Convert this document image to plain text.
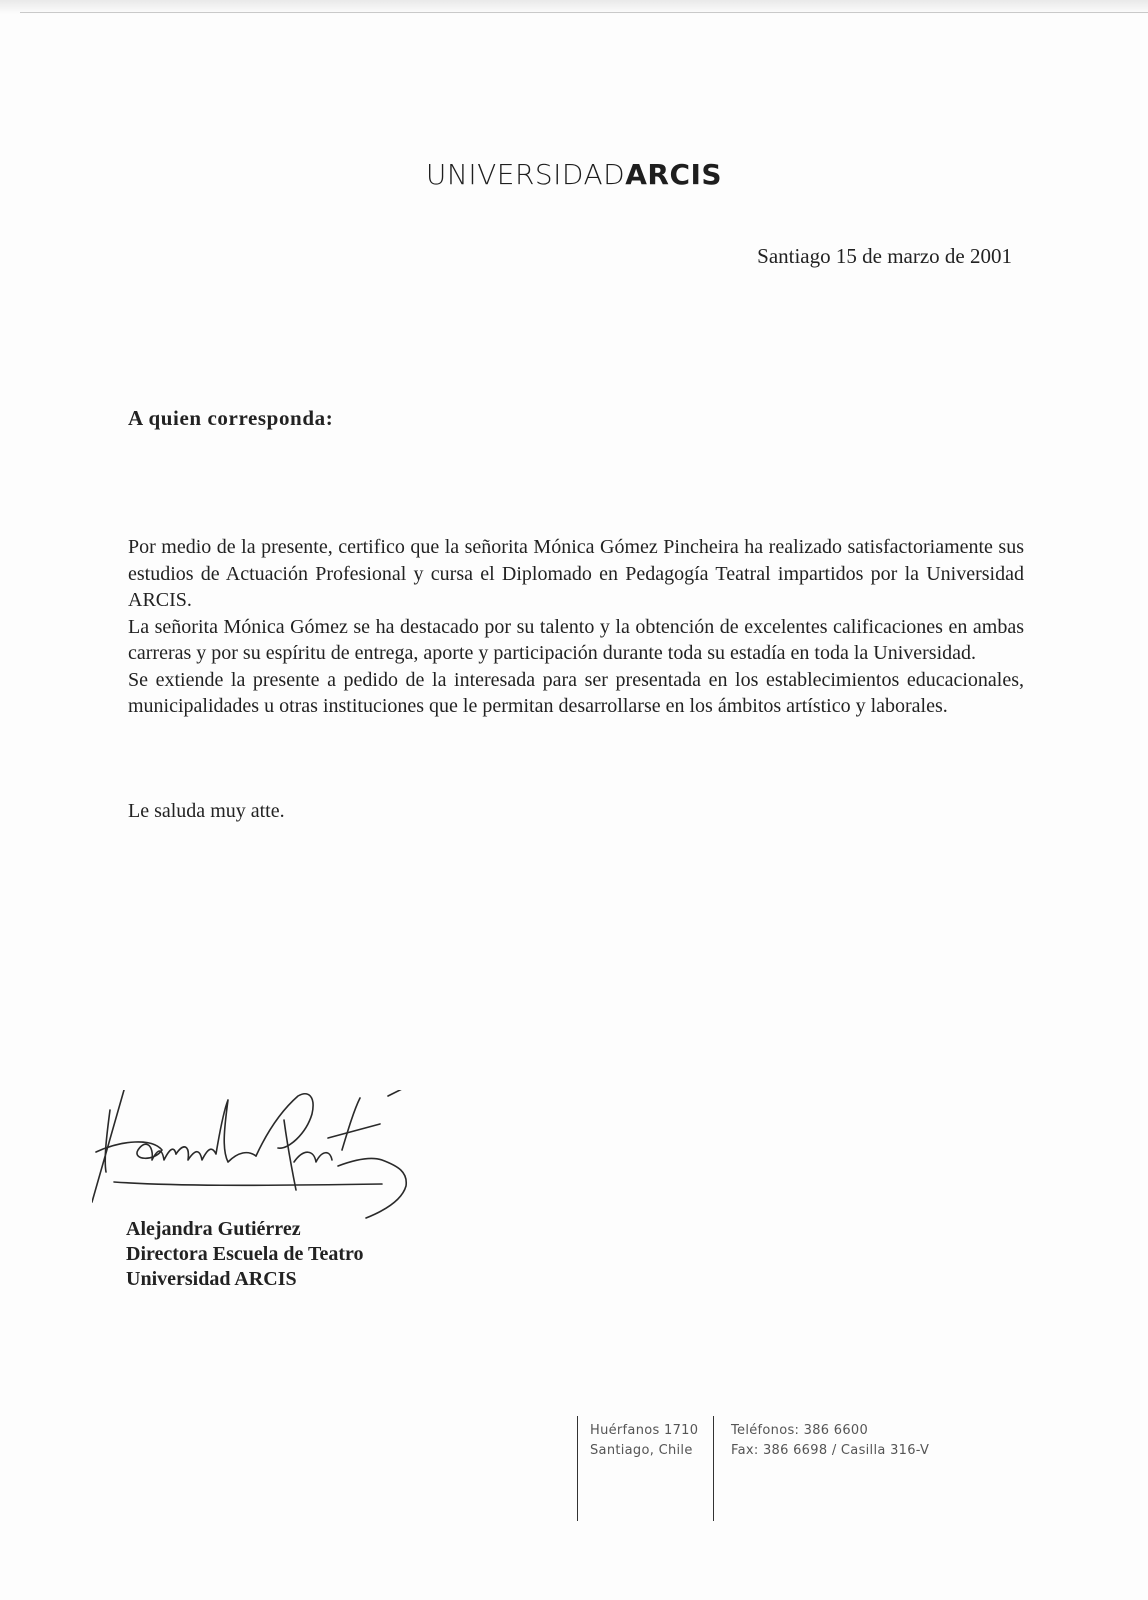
UNIVERSIDADARCIS
Santiago 15 de marzo de 2001
A quien corresponda:

Por medio de la presente, certifico que la señorita Mónica Gómez Pincheira ha realizado satisfactoriamente sus estudios de Actuación Profesional y cursa el Diplomado en Pedagogía Teatral impartidos por la Universidad ARCIS.

La señorita Mónica Gómez se ha destacado por su talento y la obtención de excelentes calificaciones en ambas carreras y por su espíritu de entrega, aporte y participación durante toda su estadía en toda la Universidad.

Se extiende la presente a pedido de la interesada para ser presentada en los establecimientos educacionales, municipalidades u otras instituciones que le permitan desarrollarse en los ámbitos artístico y laborales.

Le saluda muy atte.
Alejandra Gutiérrez
Directora Escuela de Teatro
Universidad ARCIS
Huérfanos 1710
Santiago, Chile
Teléfonos: 386 6600
Fax: 386 6698 / Casilla 316-V
